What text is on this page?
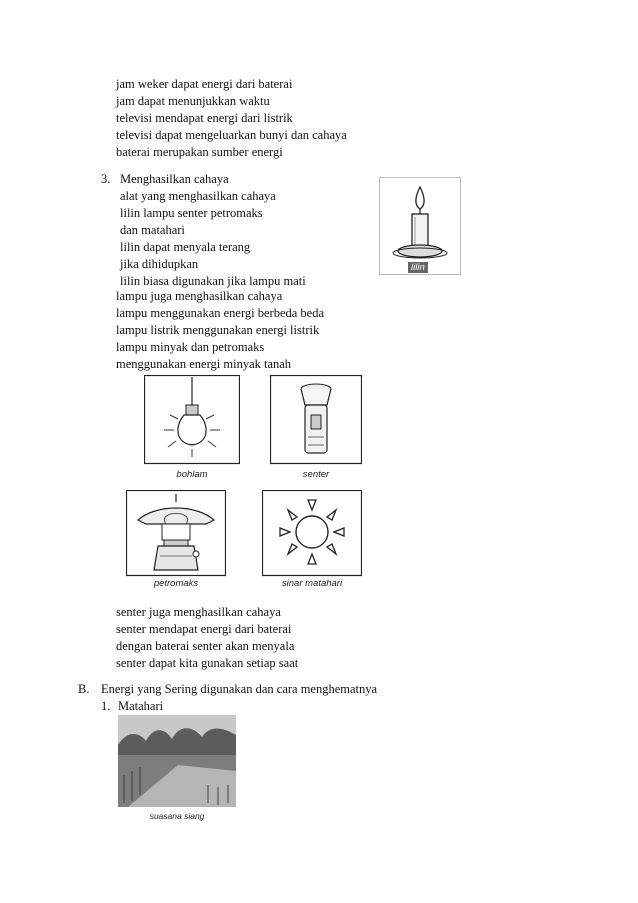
jam weker dapat energi dari baterai
jam dapat menunjukkan waktu
televisi mendapat energi dari listrik
televisi dapat mengeluarkan bunyi dan cahaya
baterai merupakan sumber energi
3. Menghasilkan cahaya
alat yang menghasilkan cahaya
lilin lampu senter petromaks
dan matahari
lilin dapat menyala terang
jika dihidupkan
lilin biasa digunakan jika lampu mati
lilin
lampu juga menghasilkan cahaya
lampu menggunakan energi berbeda beda
lampu listrik menggunakan energi listrik
lampu minyak dan petromaks
menggunakan energi minyak tanah
bohlam	senter
petromaks	sinar matahari
senter juga menghasilkan cahaya
senter mendapat energi dari baterai
dengan baterai senter akan menyala
senter dapat kita gunakan setiap saat
B. Energi yang Sering digunakan dan cara menghematnya
1. Matahari
suasana siang
